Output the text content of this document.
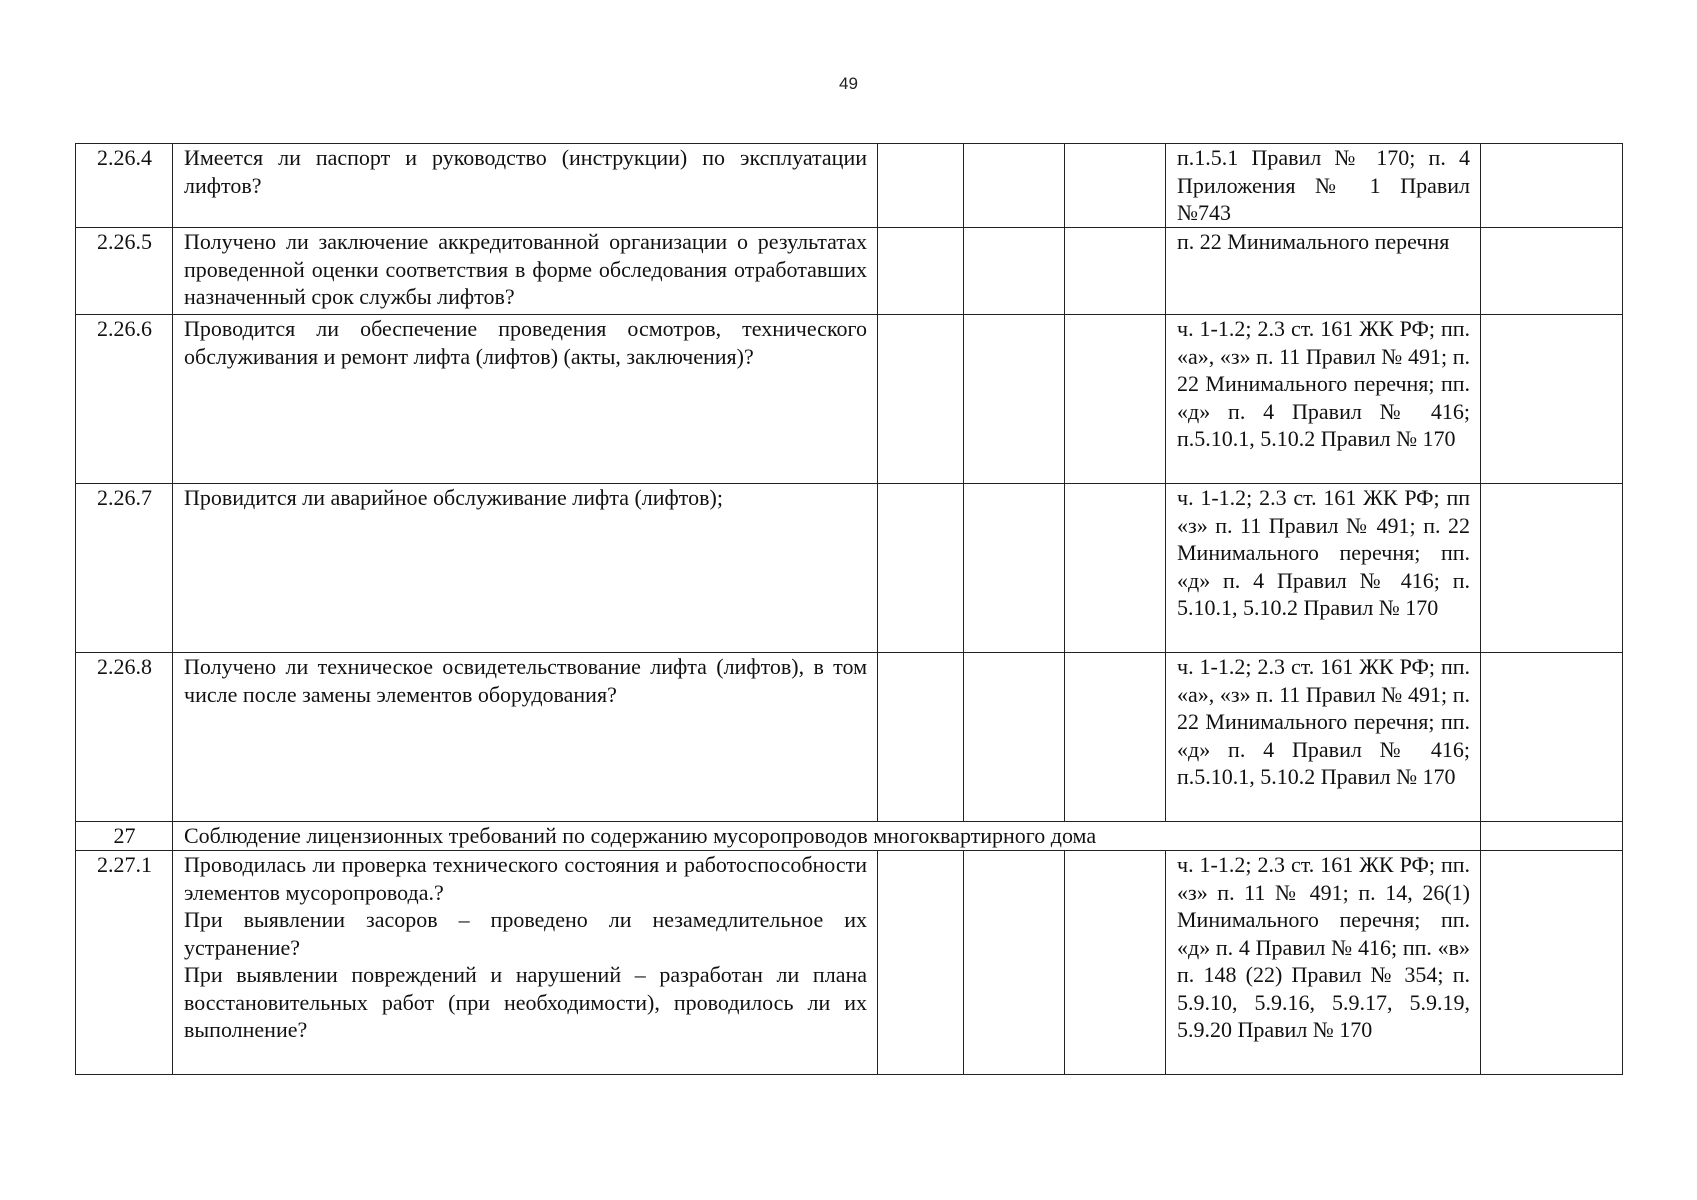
49
2.26.4	Имеется ли паспорт и руководство (инструкции) по эксплуатации лифтов?				п.1.5.1 Правил № 170; п. 4 Приложения № 1 Правил №743	
2.26.5	Получено ли заключение аккредитованной организации о результатах проведенной оценки соответствия в форме обследования отработавших назначенный срок службы лифтов?				п. 22 Минимального перечня	
2.26.6	Проводится ли обеспечение проведения осмотров, технического обслуживания и ремонт лифта (лифтов) (акты, заключения)?				ч. 1-1.2; 2.3 ст. 161 ЖК РФ; пп. «а», «з» п. 11 Правил № 491; п. 22 Минимального перечня; пп. «д» п. 4 Правил № 416; п.5.10.1, 5.10.2 Правил № 170	
2.26.7	Провидится ли аварийное обслуживание лифта (лифтов);				ч. 1-1.2; 2.3 ст. 161 ЖК РФ; пп «з» п. 11 Правил № 491; п. 22 Минимального перечня; пп. «д» п. 4 Правил № 416; п. 5.10.1, 5.10.2 Правил № 170	
2.26.8	Получено ли техническое освидетельствование лифта (лифтов), в том числе после замены элементов оборудования?				ч. 1-1.2; 2.3 ст. 161 ЖК РФ; пп. «а», «з» п. 11 Правил № 491; п. 22 Минимального перечня; пп. «д» п. 4 Правил № 416; п.5.10.1, 5.10.2 Правил № 170	
27	Соблюдение лицензионных требований по содержанию мусоропроводов многоквартирного дома					
2.27.1	Проводилась ли проверка технического состояния и работоспособности элементов мусоропровода.?
При выявлении засоров – проведено ли незамедлительное их устранение?
При выявлении повреждений и нарушений – разработан ли плана восстановительных работ (при необходимости), проводилось ли их выполнение?				ч. 1-1.2; 2.3 ст. 161 ЖК РФ; пп. «з» п. 11 № 491; п. 14, 26(1) Минимального перечня; пп. «д» п. 4 Правил № 416; пп. «в» п. 148 (22) Правил № 354; п. 5.9.10, 5.9.16, 5.9.17, 5.9.19, 5.9.20 Правил № 170	
